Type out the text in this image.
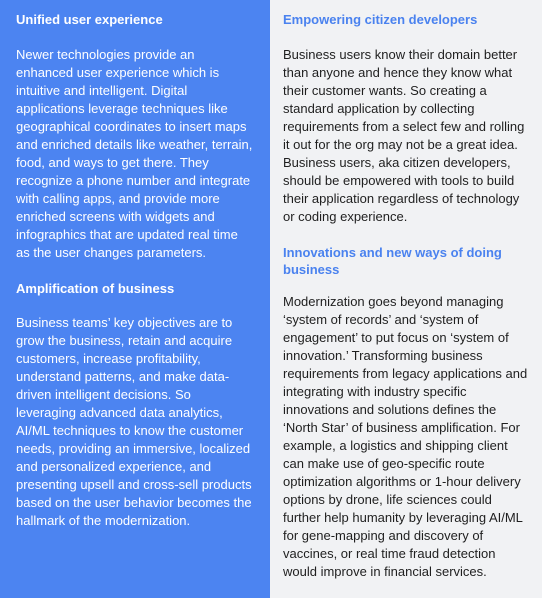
Unified user experience

Newer technologies provide an enhanced user experience which is intuitive and intelligent. Digital applications leverage techniques like geographical coordinates to insert maps and enriched details like weather, terrain, food, and ways to get there. They recognize a phone number and integrate with calling apps, and provide more enriched screens with widgets and infographics that are updated real time as the user changes parameters.

Amplification of business

Business teams’ key objectives are to grow the business, retain and acquire customers, increase profitability, understand patterns, and make data-driven intelligent decisions. So leveraging advanced data analytics, AI/ML techniques to know the customer needs, providing an immersive, localized and personalized experience, and presenting upsell and cross-sell products based on the user behavior becomes the hallmark of the modernization.

Empowering citizen developers

Business users know their domain better than anyone and hence they know what their customer wants. So creating a standard application by collecting requirements from a select few and rolling it out for the org may not be a great idea. Business users, aka citizen developers, should be empowered with tools to build their application regardless of technology or coding experience.

Innovations and new ways of doing business

Modernization goes beyond managing ‘system of records’ and ‘system of engagement’ to put focus on ‘system of innovation.’ Transforming business requirements from legacy applications and integrating with industry specific innovations and solutions defines the ‘North Star’ of business amplification. For example, a logistics and shipping client can make use of geo-specific route optimization algorithms or 1-hour delivery options by drone, life sciences could further help humanity by leveraging AI/ML for gene-mapping and discovery of vaccines, or real time fraud detection would improve in financial services.
